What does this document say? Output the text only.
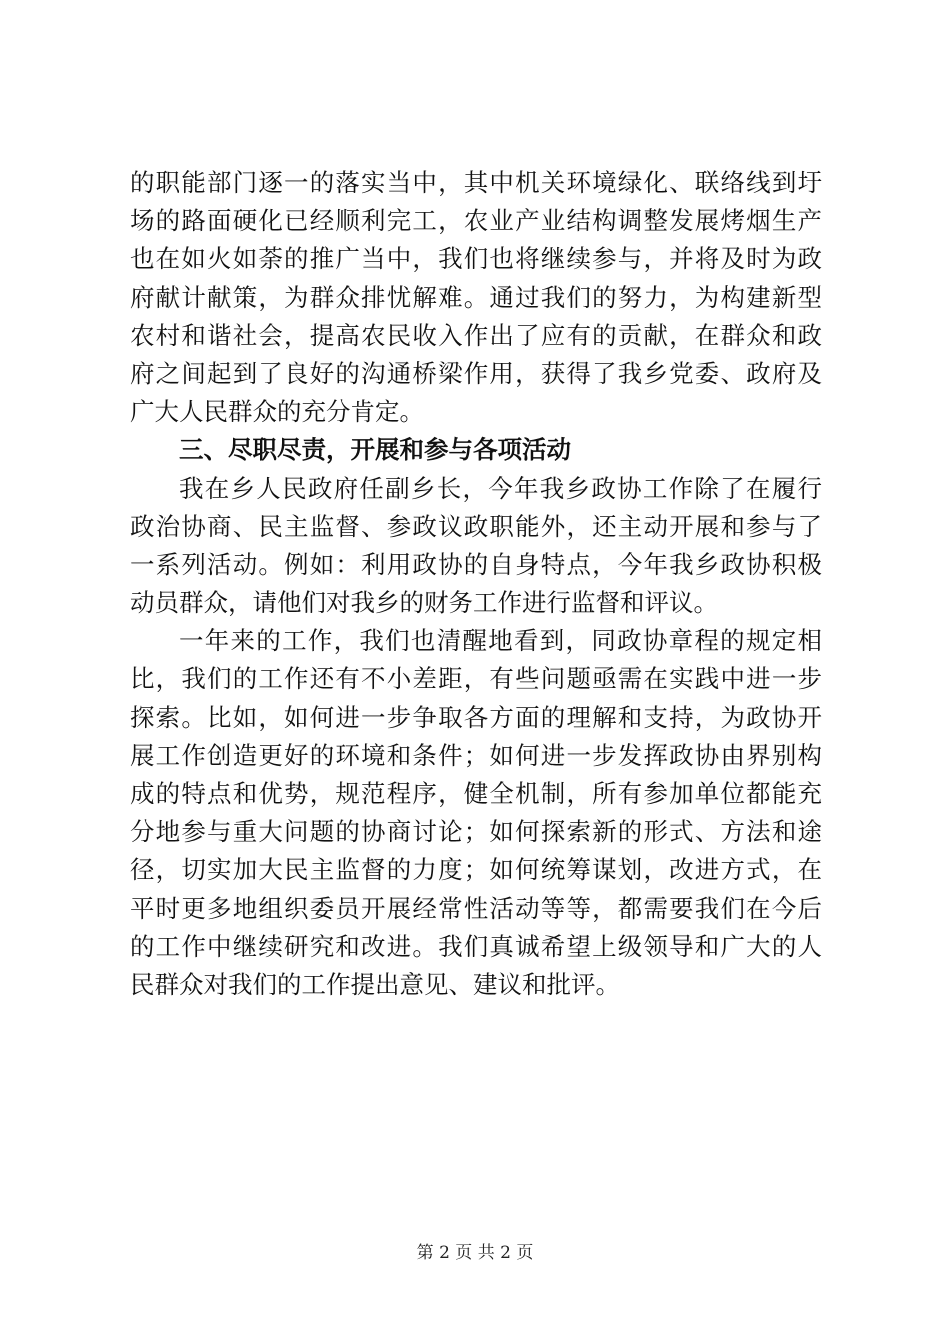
的职能部门逐一的落实当中，其中机关环境绿化、联络线到圩
场的路面硬化已经顺利完工，农业产业结构调整发展烤烟生产
也在如火如荼的推广当中，我们也将继续参与，并将及时为政
府献计献策，为群众排忧解难。通过我们的努力，为构建新型
农村和谐社会，提高农民收入作出了应有的贡献，在群众和政
府之间起到了良好的沟通桥梁作用，获得了我乡党委、政府及
广大人民群众的充分肯定。
三、尽职尽责，开展和参与各项活动
我在乡人民政府任副乡长，今年我乡政协工作除了在履行
政治协商、民主监督、参政议政职能外，还主动开展和参与了
一系列活动。例如：利用政协的自身特点，今年我乡政协积极
动员群众，请他们对我乡的财务工作进行监督和评议。
一年来的工作，我们也清醒地看到，同政协章程的规定相
比，我们的工作还有不小差距，有些问题亟需在实践中进一步
探索。比如，如何进一步争取各方面的理解和支持，为政协开
展工作创造更好的环境和条件；如何进一步发挥政协由界别构
成的特点和优势，规范程序，健全机制，所有参加单位都能充
分地参与重大问题的协商讨论；如何探索新的形式、方法和途
径，切实加大民主监督的力度；如何统筹谋划，改进方式，在
平时更多地组织委员开展经常性活动等等，都需要我们在今后
的工作中继续研究和改进。我们真诚希望上级领导和广大的人
民群众对我们的工作提出意见、建议和批评。
第 2 页 共 2 页
